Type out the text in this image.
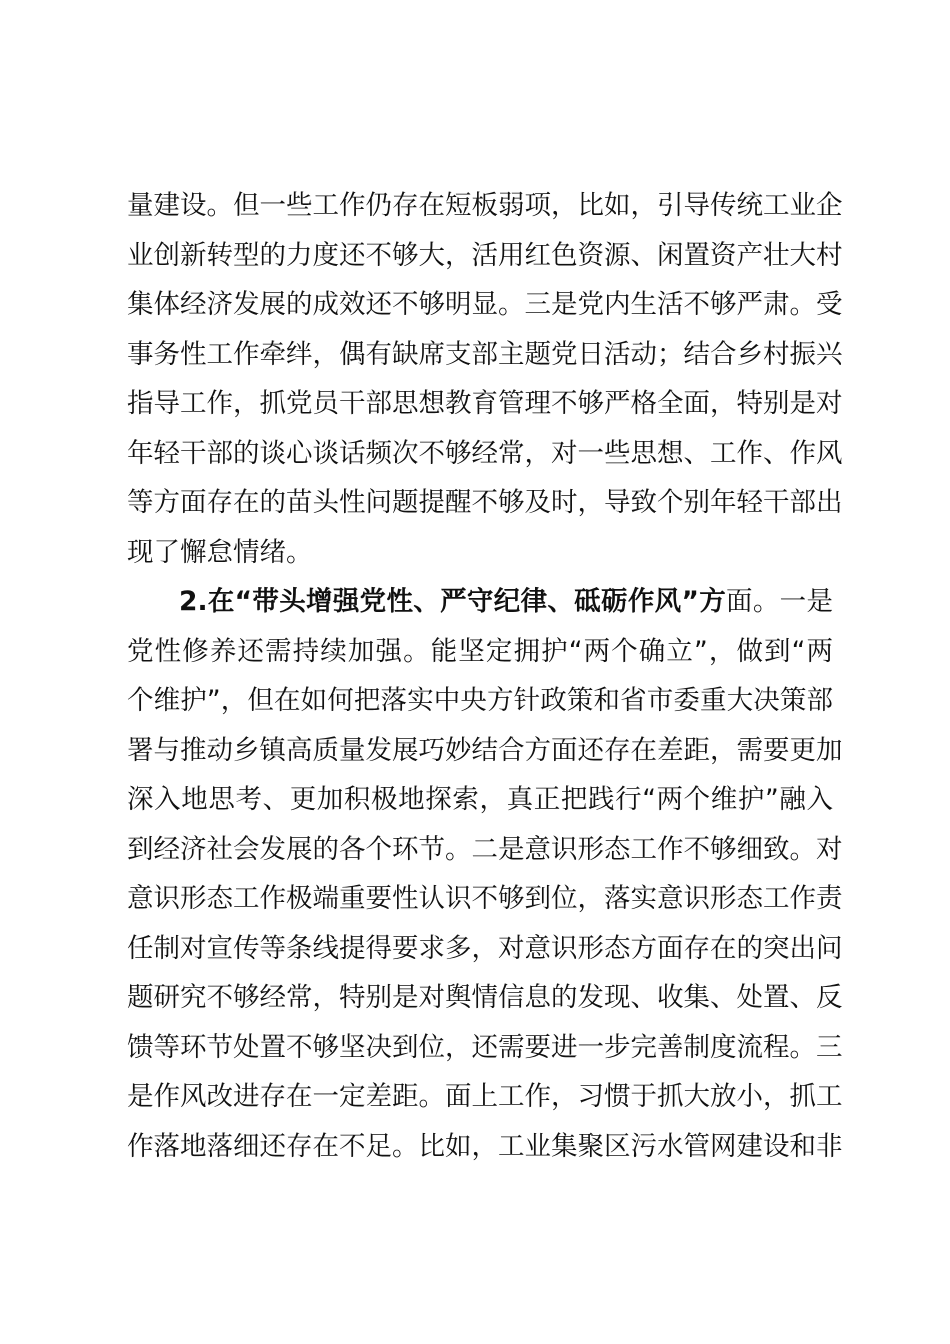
量建设。但一些工作仍存在短板弱项，比如，引导传统工业企
业创新转型的力度还不够大，活用红色资源、闲置资产壮大村
集体经济发展的成效还不够明显。三是党内生活不够严肃。受
事务性工作牵绊，偶有缺席支部主题党日活动；结合乡村振兴
指导工作，抓党员干部思想教育管理不够严格全面，特别是对
年轻干部的谈心谈话频次不够经常，对一些思想、工作、作风
等方面存在的苗头性问题提醒不够及时，导致个别年轻干部出
现了懈怠情绪。
2.在“带头增强党性、严守纪律、砥砺作风”方面。一是
党性修养还需持续加强。能坚定拥护“两个确立”，做到“两
个维护”，但在如何把落实中央方针政策和省市委重大决策部
署与推动乡镇高质量发展巧妙结合方面还存在差距，需要更加
深入地思考、更加积极地探索，真正把践行“两个维护”融入
到经济社会发展的各个环节。二是意识形态工作不够细致。对
意识形态工作极端重要性认识不够到位，落实意识形态工作责
任制对宣传等条线提得要求多，对意识形态方面存在的突出问
题研究不够经常，特别是对舆情信息的发现、收集、处置、反
馈等环节处置不够坚决到位，还需要进一步完善制度流程。三
是作风改进存在一定差距。面上工作，习惯于抓大放小，抓工
作落地落细还存在不足。比如，工业集聚区污水管网建设和非
